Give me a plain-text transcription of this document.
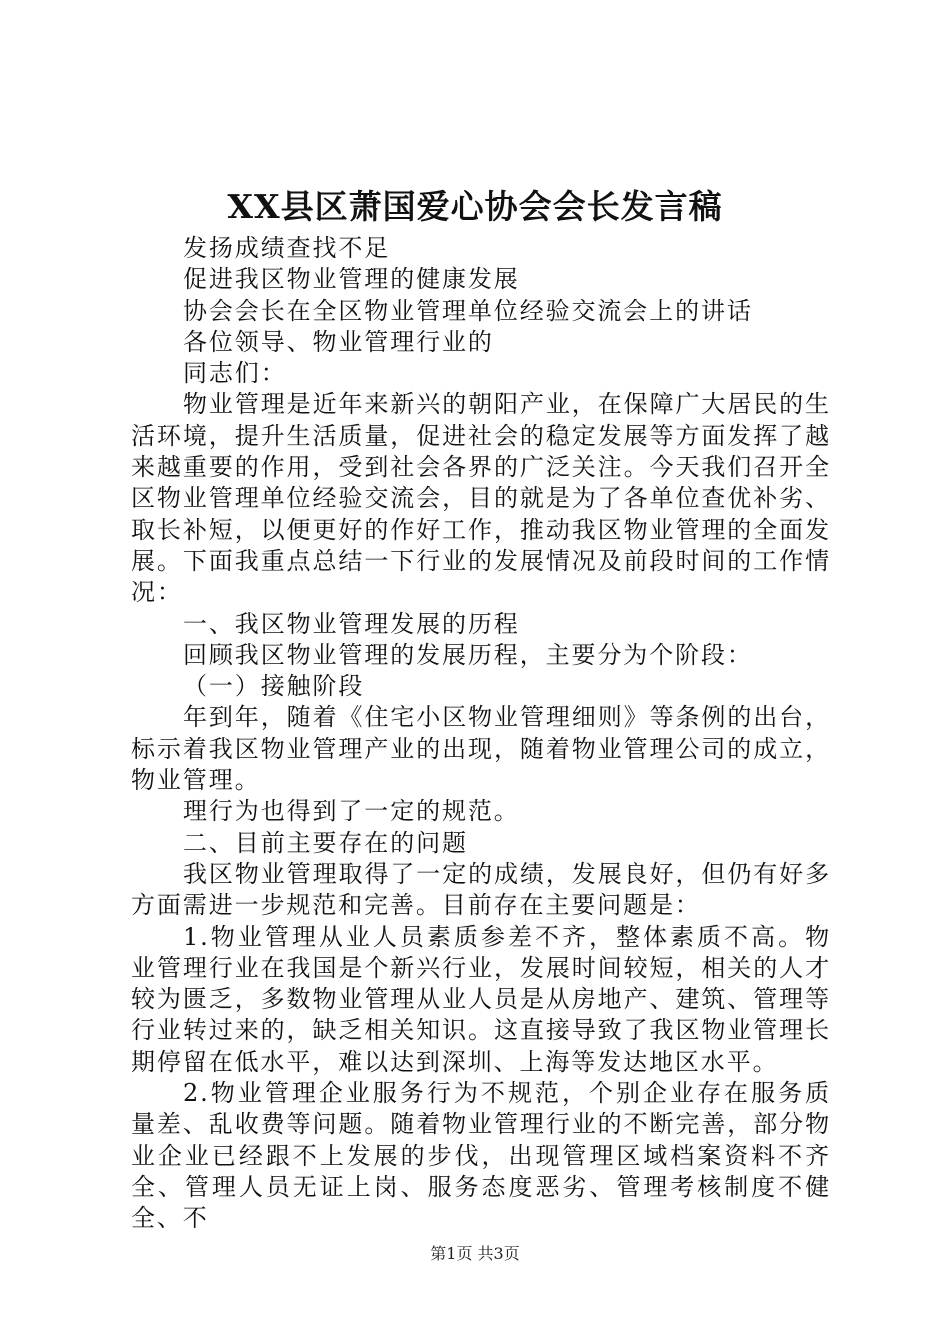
XX县区萧国爱心协会会长发言稿

发扬成绩查找不足

促进我区物业管理的健康发展

协会会长在全区物业管理单位经验交流会上的讲话

各位领导、物业管理行业的

同志们：

物业管理是近年来新兴的朝阳产业，在保障广大居民的生活环境，提升生活质量，促进社会的稳定发展等方面发挥了越来越重要的作用，受到社会各界的广泛关注。今天我们召开全区物业管理单位经验交流会，目的就是为了各单位查优补劣、取长补短，以便更好的作好工作，推动我区物业管理的全面发展。下面我重点总结一下行业的发展情况及前段时间的工作情况：

一、我区物业管理发展的历程

回顾我区物业管理的发展历程，主要分为个阶段：

（一）接触阶段

年到年，随着《住宅小区物业管理细则》等条例的出台，标示着我区物业管理产业的出现，随着物业管理公司的成立，物业管理。

理行为也得到了一定的规范。

二、目前主要存在的问题

我区物业管理取得了一定的成绩，发展良好，但仍有好多方面需进一步规范和完善。目前存在主要问题是：

1.物业管理从业人员素质参差不齐，整体素质不高。物业管理行业在我国是个新兴行业，发展时间较短，相关的人才较为匮乏，多数物业管理从业人员是从房地产、建筑、管理等行业转过来的，缺乏相关知识。这直接导致了我区物业管理长期停留在低水平，难以达到深圳、上海等发达地区水平。

2.物业管理企业服务行为不规范，个别企业存在服务质量差、乱收费等问题。随着物业管理行业的不断完善，部分物业企业已经跟不上发展的步伐，出现管理区域档案资料不齐全、管理人员无证上岗、服务态度恶劣、管理考核制度不健全、不

第1页 共3页
